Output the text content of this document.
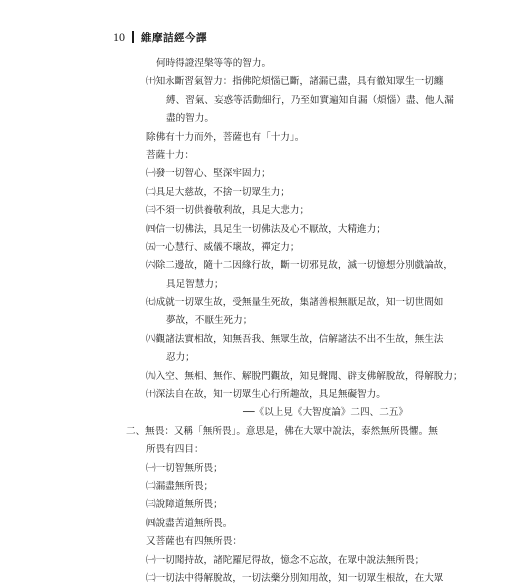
10 維摩詰經今譯
何時得證涅槃等等的智力。
㈩知永斷習氣智力：指佛陀煩惱已斷，諸漏已盡，具有徹知眾生一切纏
縛、習氣、妄惑等活動細行，乃至如實遍知自漏（煩惱）盡、他人漏
盡的智力。
除佛有十力而外，菩薩也有「十力」。
菩薩十力：
㈠發一切智心、堅深牢固力；
㈡具足大慈故，不捨一切眾生力；
㈢不須一切供養敬利故，具足大悲力；
㈣信一切佛法，具足生一切佛法及心不厭故，大精進力；
㈤一心慧行、威儀不壞故，禪定力；
㈥除二邊故，隨十二因緣行故，斷一切邪見故，滅一切憶想分別戲論故，
具足智慧力；
㈦成就一切眾生故，受無量生死故，集諸善根無厭足故，知一切世間如
夢故，不厭生死力；
㈧觀諸法實相故，知無吾我、無眾生故，信解諸法不出不生故，無生法
忍力；
㈨入空、無相、無作、解脫門觀故，知見聲聞、辟支佛解脫故，得解脫力；
㈩深法自在故，知一切眾生心行所趣故，具足無礙智力。
──《以上見《大智度論》二四、二五》
二、無畏：又稱「無所畏」。意思是，佛在大眾中說法，泰然無所畏懼。無
所畏有四目：
㈠一切智無所畏；
㈡漏盡無所畏；
㈢說障道無所畏；
㈣說盡苦道無所畏。
又菩薩也有四無所畏：
㈠一切聞持故，諸陀羅尼得故，憶念不忘故，在眾中說法無所畏；
㈡一切法中得解脫故，一切法藥分別知用故，知一切眾生根故，在大眾
